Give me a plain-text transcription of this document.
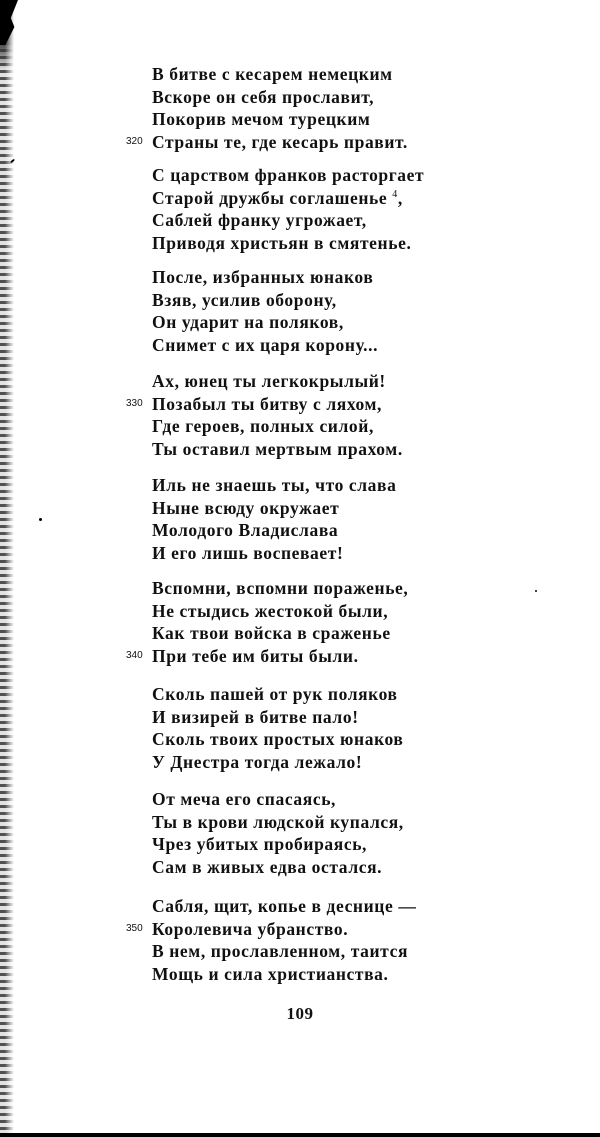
В битве с кесарем немецким
Вскоре он себя прославит,
Покорив мечом турецким
320 Страны те, где кесарь правит.
С царством франков расторгает
Старой дружбы соглашенье $^4$,
Саблей франку угрожает,
Приводя христьян в смятенье.
После, избранных юнаков
Взяв, усилив оборону,
Он ударит на поляков,
Снимет с их царя корону...
Ах, юнец ты легкокрылый!
330 Позабыл ты битву с ляхом,
Где героев, полных силой,
Ты оставил мертвым прахом.
Иль не знаешь ты, что слава
Ныне всюду окружает
Молодого Владислава
И его лишь воспевает!
Вспомни, вспомни пораженье,
Не стыдись жестокой были,
Как твои войска в сраженье
340 При тебе им биты были.
Сколь пашей от рук поляков
И визирей в битве пало!
Сколь твоих простых юнаков
У Днестра тогда лежало!
От меча его спасаясь,
Ты в крови людской купался,
Чрез убитых пробираясь,
Сам в живых едва остался.
Сабля, щит, копье в деснице —
350 Королевича убранство.
В нем, прославленном, таится
Мощь и сила христианства.
109
